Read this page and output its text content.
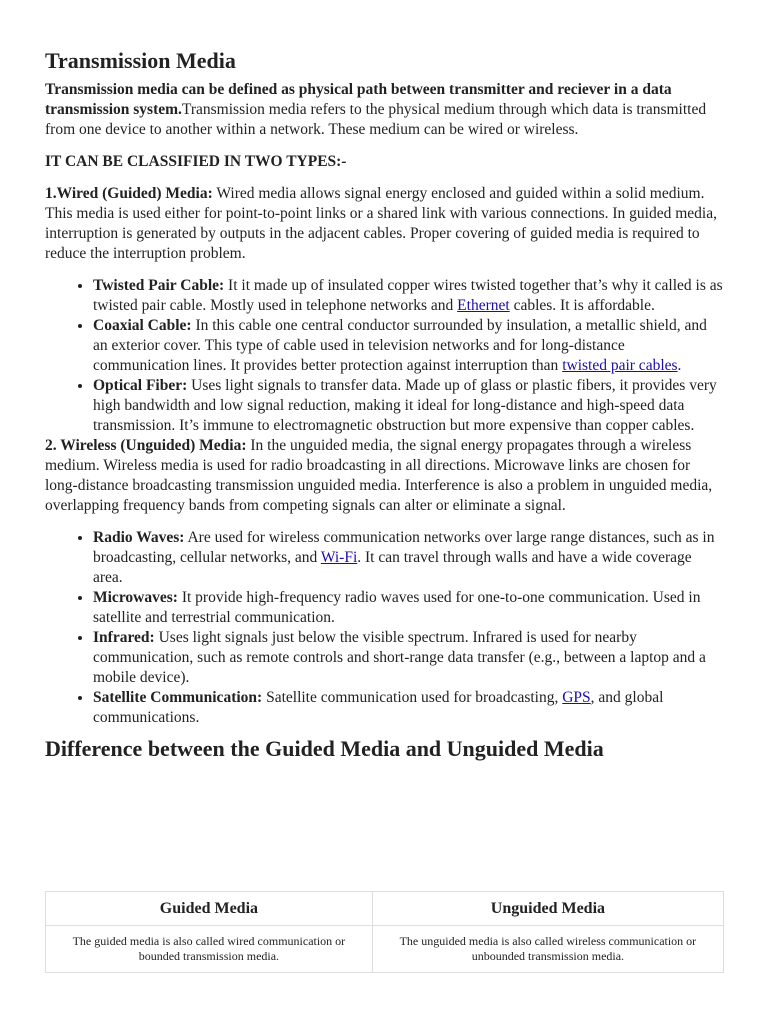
Transmission Media

Transmission media can be defined as physical path between transmitter and reciever in a data transmission system.Transmission media refers to the physical medium through which data is transmitted from one device to another within a network. These medium can be wired or wireless.

IT CAN BE CLASSIFIED IN TWO TYPES:-

1.Wired (Guided) Media: Wired media allows signal energy enclosed and guided within a solid medium. This media is used either for point-to-point links or a shared link with various connections. In guided media, interruption is generated by outputs in the adjacent cables. Proper covering of guided media is required to reduce the interruption problem.

• Twisted Pair Cable: It it made up of insulated copper wires twisted together that’s why it called is as twisted pair cable. Mostly used in telephone networks and Ethernet cables. It is affordable.
• Coaxial Cable: In this cable one central conductor surrounded by insulation, a metallic shield, and an exterior cover. This type of cable used in television networks and for long-distance communication lines. It provides better protection against interruption than twisted pair cables.
• Optical Fiber: Uses light signals to transfer data. Made up of glass or plastic fibers, it provides very high bandwidth and low signal reduction, making it ideal for long-distance and high-speed data transmission. It’s immune to electromagnetic obstruction but more expensive than copper cables.

2. Wireless (Unguided) Media: In the unguided media, the signal energy propagates through a wireless medium. Wireless media is used for radio broadcasting in all directions. Microwave links are chosen for long-distance broadcasting transmission unguided media. Interference is also a problem in unguided media, overlapping frequency bands from competing signals can alter or eliminate a signal.

• Radio Waves: Are used for wireless communication networks over large range distances, such as in broadcasting, cellular networks, and Wi-Fi. It can travel through walls and have a wide coverage area.
• Microwaves: It provide high-frequency radio waves used for one-to-one communication. Used in satellite and terrestrial communication.
• Infrared: Uses light signals just below the visible spectrum. Infrared is used for nearby communication, such as remote controls and short-range data transfer (e.g., between a laptop and a mobile device).
• Satellite Communication: Satellite communication used for broadcasting, GPS, and global communications.
Difference between the Guided Media and Unguided Media
Guided Media	Unguided Media
The guided media is also called wired communication or bounded transmission media.	The unguided media is also called wireless communication or unbounded transmission media.
